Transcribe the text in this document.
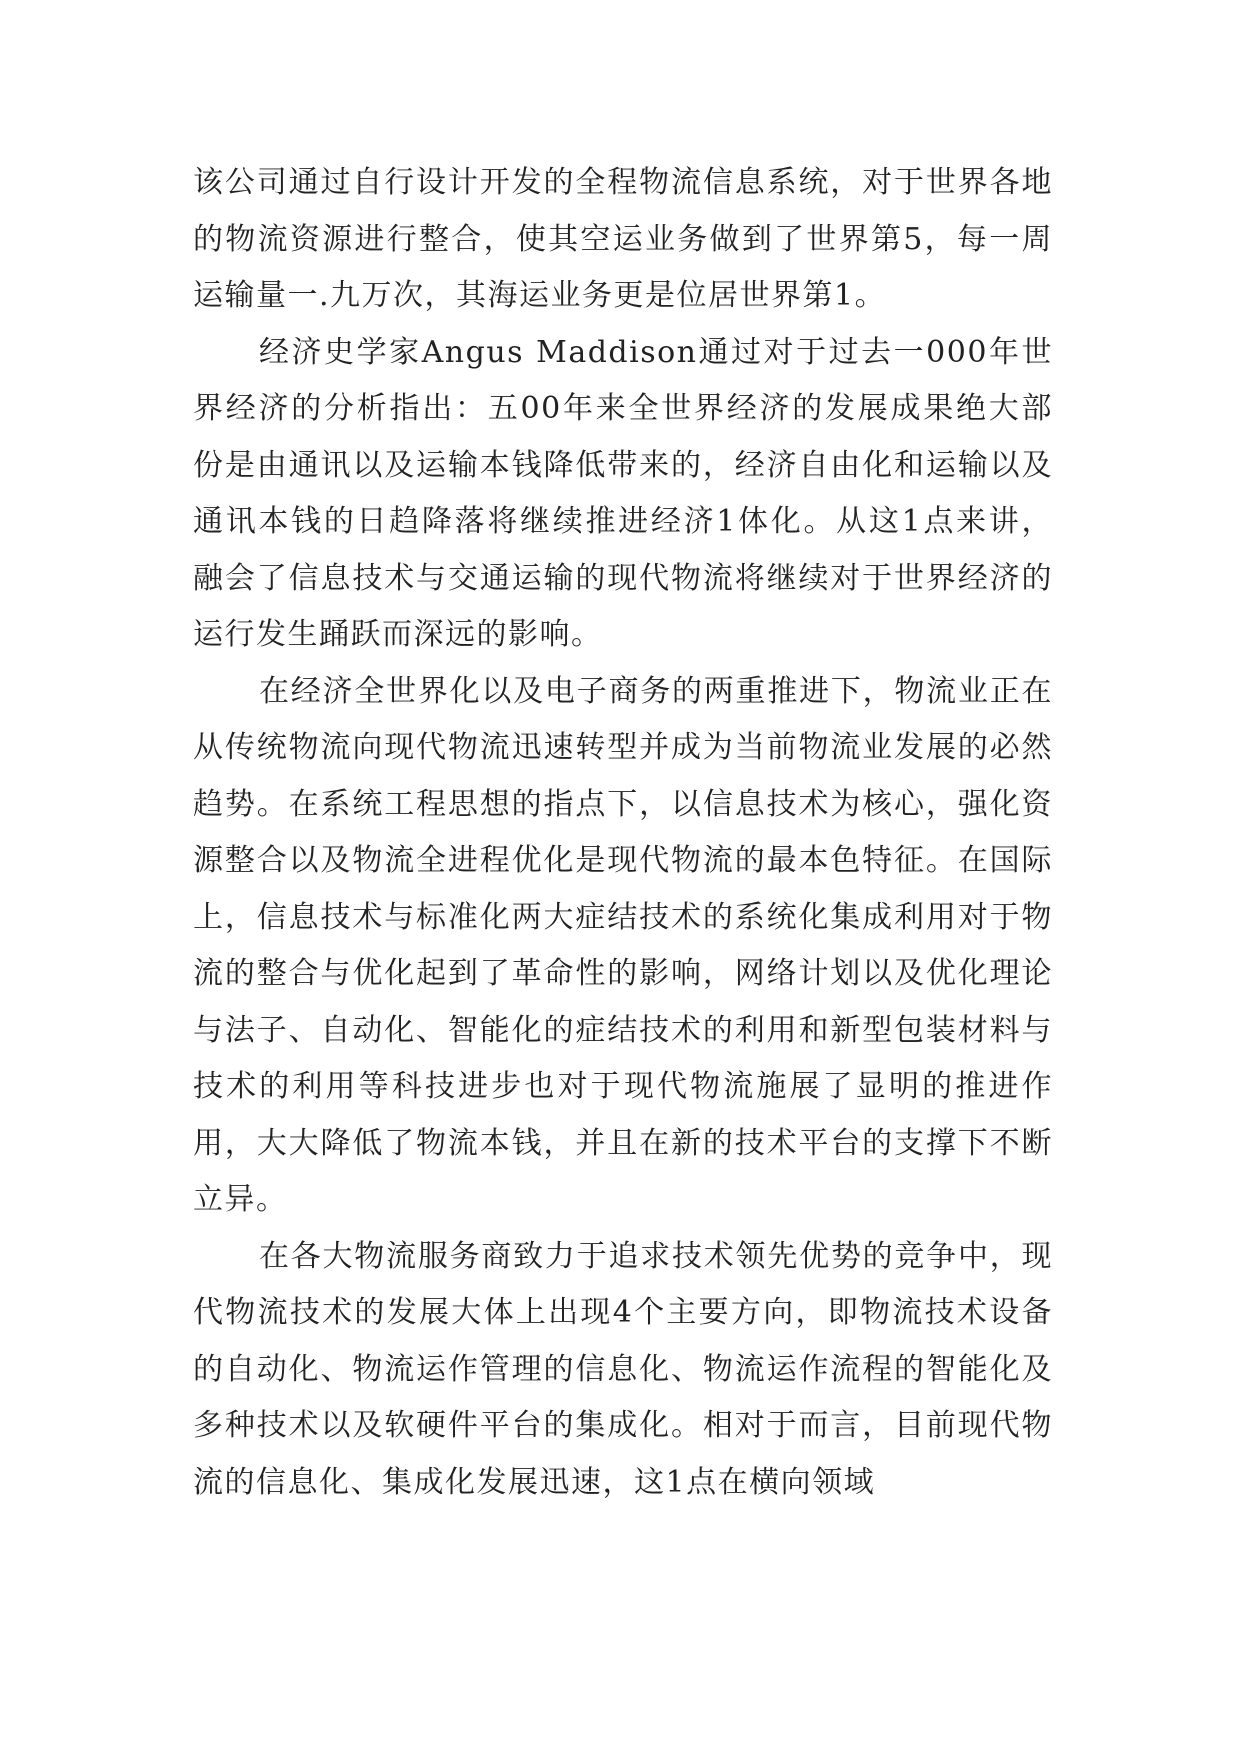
该公司通过自行设计开发的全程物流信息系统，对于世界各地的物流资源进行整合，使其空运业务做到了世界第5，每一周运输量一.九万次，其海运业务更是位居世界第1。

经济史学家Angus Maddison通过对于过去一000年世界经济的分析指出：五00年来全世界经济的发展成果绝大部份是由通讯以及运输本钱降低带来的，经济自由化和运输以及通讯本钱的日趋降落将继续推进经济1体化。从这1点来讲，融会了信息技术与交通运输的现代物流将继续对于世界经济的运行发生踊跃而深远的影响。

在经济全世界化以及电子商务的两重推进下，物流业正在从传统物流向现代物流迅速转型并成为当前物流业发展的必然趋势。在系统工程思想的指点下，以信息技术为核心，强化资源整合以及物流全进程优化是现代物流的最本色特征。在国际上，信息技术与标准化两大症结技术的系统化集成利用对于物流的整合与优化起到了革命性的影响，网络计划以及优化理论与法子、自动化、智能化的症结技术的利用和新型包装材料与技术的利用等科技进步也对于现代物流施展了显明的推进作用，大大降低了物流本钱，并且在新的技术平台的支撑下不断立异。

在各大物流服务商致力于追求技术领先优势的竞争中，现代物流技术的发展大体上出现4个主要方向，即物流技术设备的自动化、物流运作管理的信息化、物流运作流程的智能化及多种技术以及软硬件平台的集成化。相对于而言，目前现代物流的信息化、集成化发展迅速，这1点在横向领域
